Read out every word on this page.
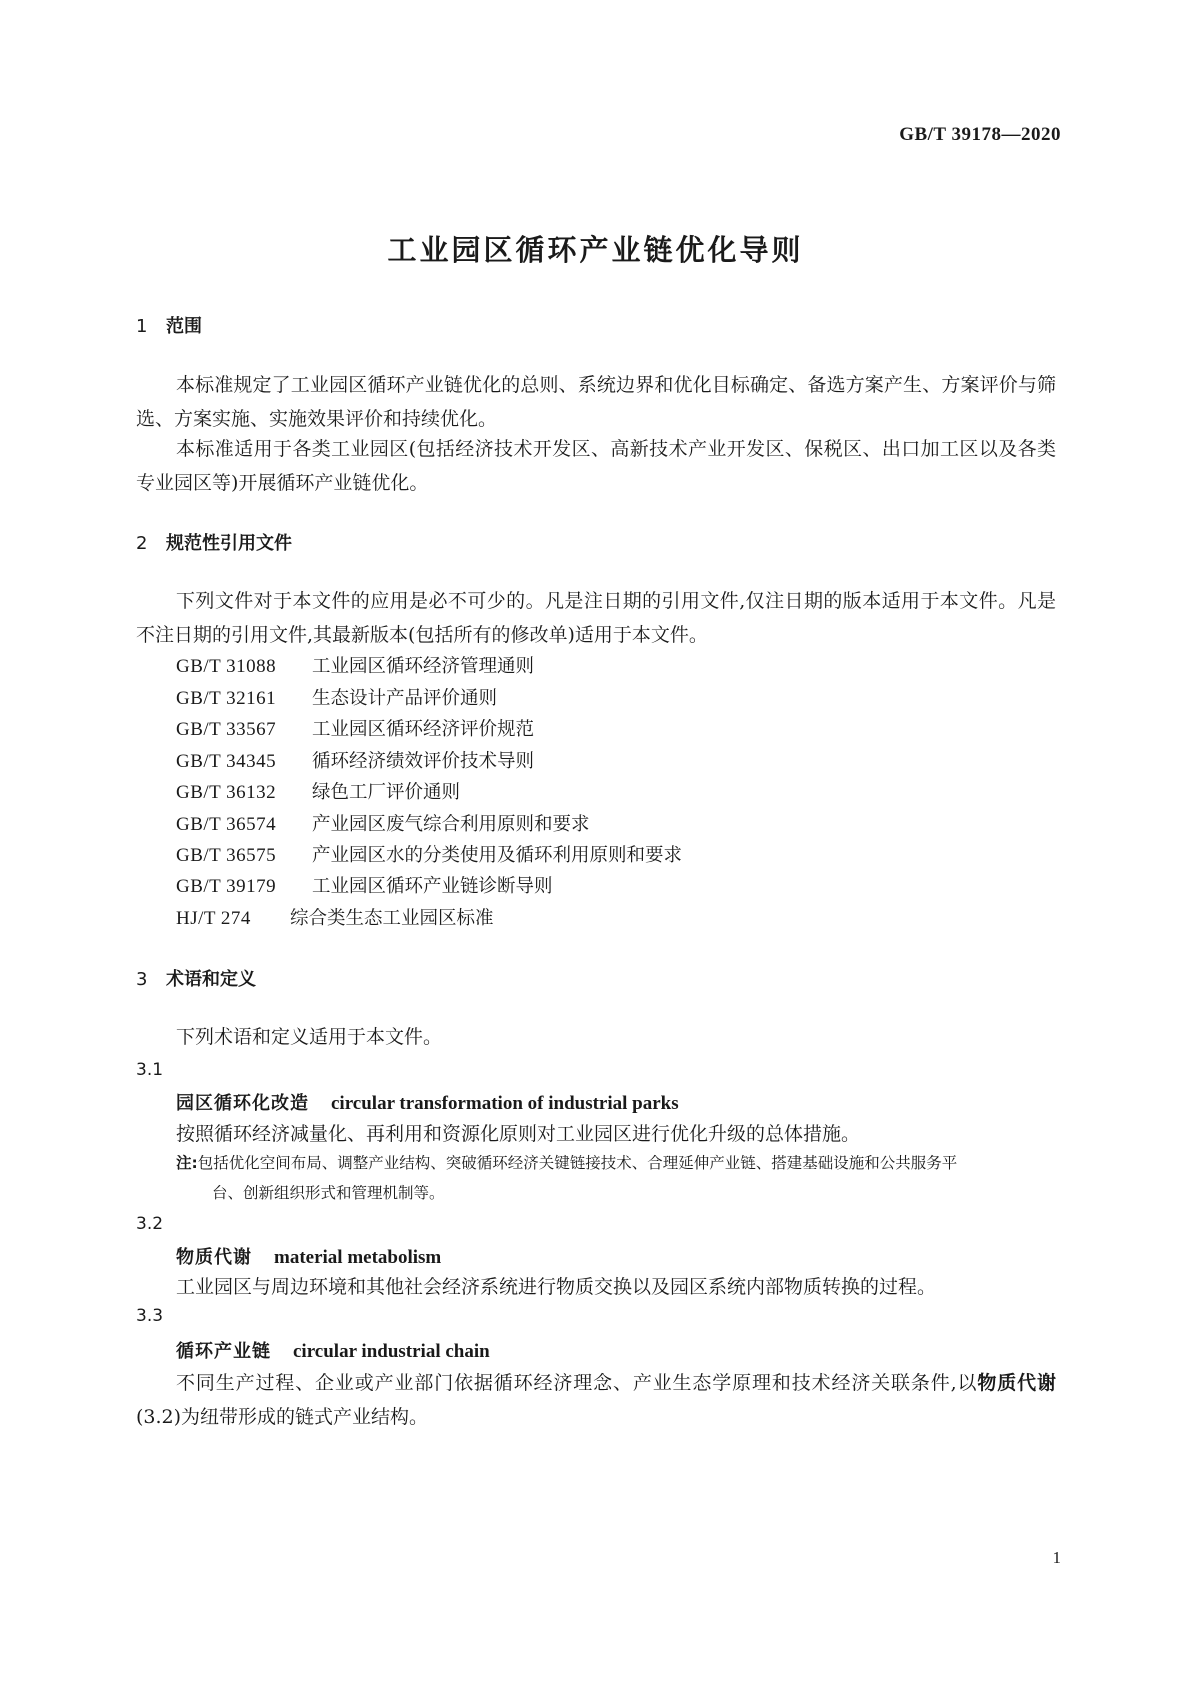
GB/T 39178—2020
工业园区循环产业链优化导则
1 范围
本标准规定了工业园区循环产业链优化的总则、系统边界和优化目标确定、备选方案产生、方案评价与筛选、方案实施、实施效果评价和持续优化。
本标准适用于各类工业园区(包括经济技术开发区、高新技术产业开发区、保税区、出口加工区以及各类专业园区等)开展循环产业链优化。
2 规范性引用文件
下列文件对于本文件的应用是必不可少的。凡是注日期的引用文件,仅注日期的版本适用于本文件。凡是不注日期的引用文件,其最新版本(包括所有的修改单)适用于本文件。
GB/T 31088 工业园区循环经济管理通则
GB/T 32161 生态设计产品评价通则
GB/T 33567 工业园区循环经济评价规范
GB/T 34345 循环经济绩效评价技术导则
GB/T 36132 绿色工厂评价通则
GB/T 36574 产业园区废气综合利用原则和要求
GB/T 36575 产业园区水的分类使用及循环利用原则和要求
GB/T 39179 工业园区循环产业链诊断导则
HJ/T 274 综合类生态工业园区标准
3 术语和定义
下列术语和定义适用于本文件。
3.1
园区循环化改造 circular transformation of industrial parks
按照循环经济减量化、再利用和资源化原则对工业园区进行优化升级的总体措施。
注:包括优化空间布局、调整产业结构、突破循环经济关键链接技术、合理延伸产业链、搭建基础设施和公共服务平
台、创新组织形式和管理机制等。
3.2
物质代谢 material metabolism
工业园区与周边环境和其他社会经济系统进行物质交换以及园区系统内部物质转换的过程。
3.3
循环产业链 circular industrial chain
不同生产过程、企业或产业部门依据循环经济理念、产业生态学原理和技术经济关联条件,以物质代谢(3.2)为纽带形成的链式产业结构。
1
